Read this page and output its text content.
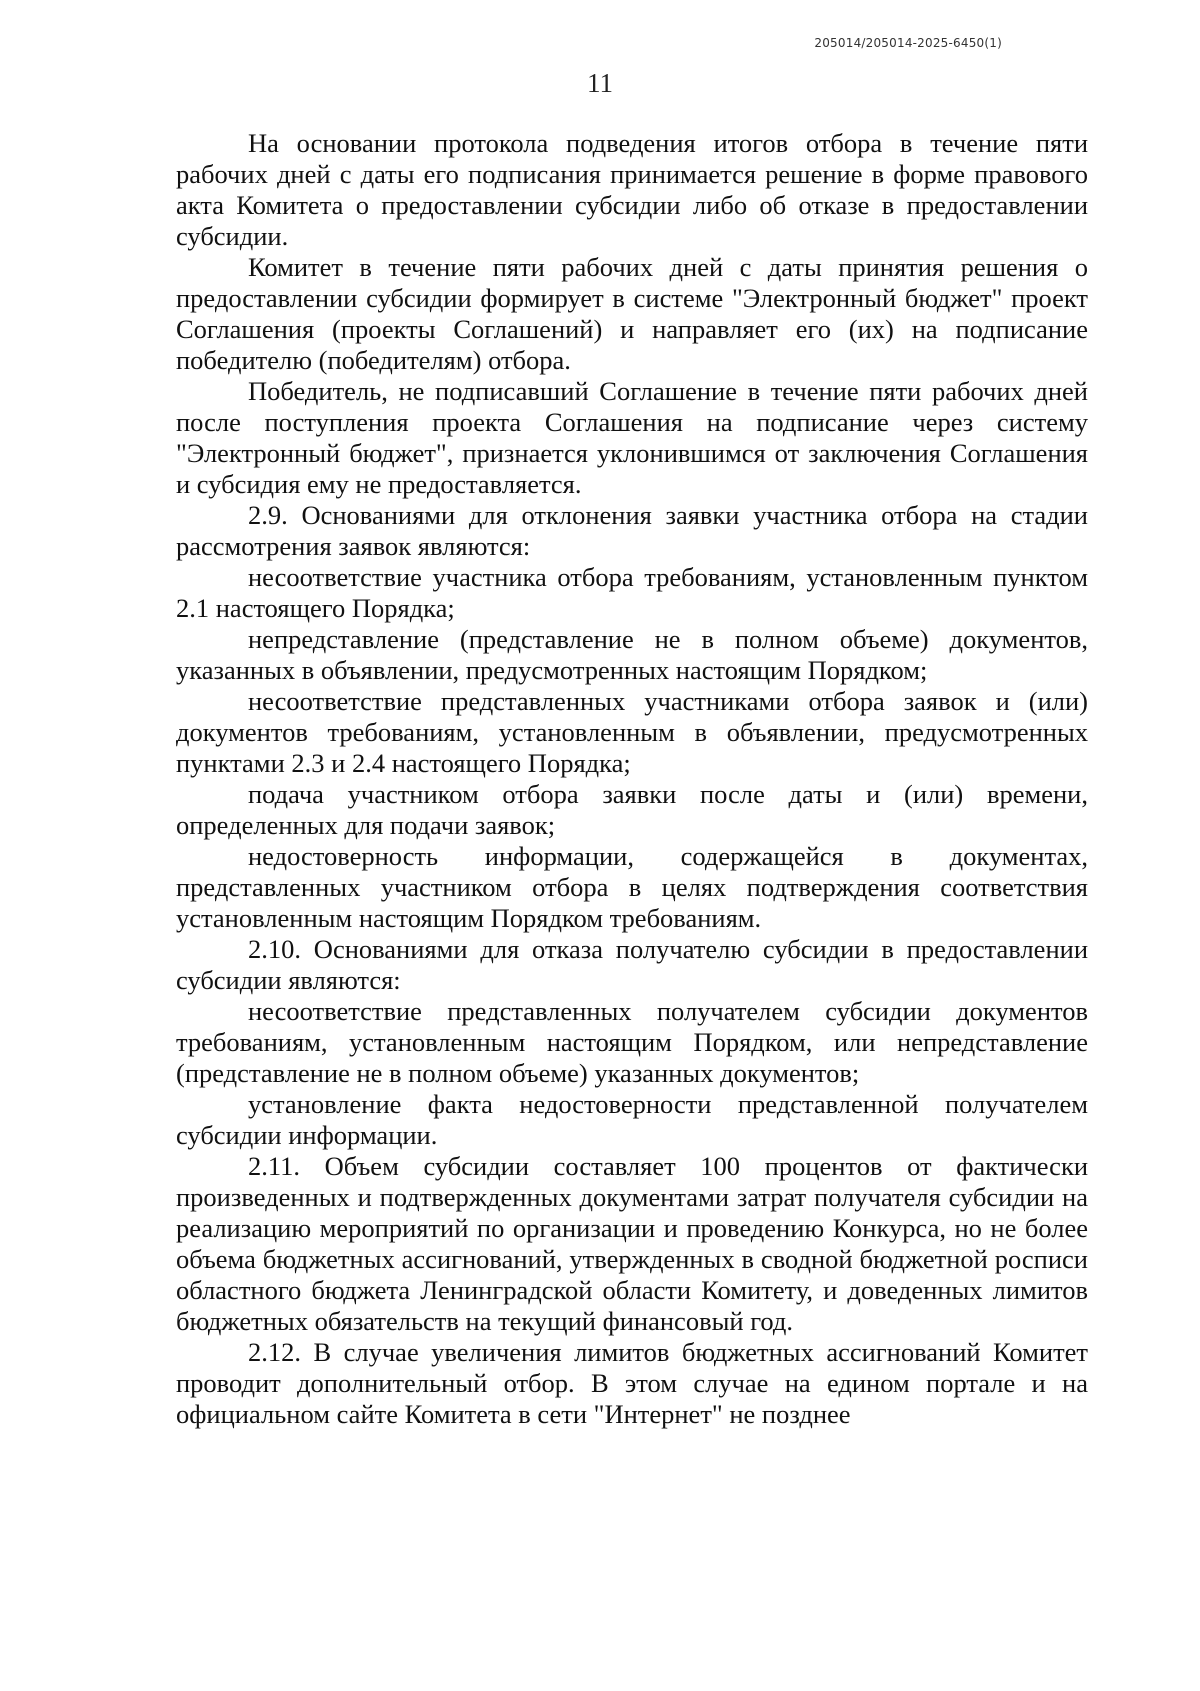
205014/205014-2025-6450(1)
11

На основании протокола подведения итогов отбора в течение пяти рабочих дней с даты его подписания принимается решение в форме правового акта Комитета о предоставлении субсидии либо об отказе в предоставлении субсидии.

Комитет в течение пяти рабочих дней с даты принятия решения о предоставлении субсидии формирует в системе "Электронный бюджет" проект Соглашения (проекты Соглашений) и направляет его (их) на подписание победителю (победителям) отбора.

Победитель, не подписавший Соглашение в течение пяти рабочих дней после поступления проекта Соглашения на подписание через систему "Электронный бюджет", признается уклонившимся от заключения Соглашения и субсидия ему не предоставляется.

2.9. Основаниями для отклонения заявки участника отбора на стадии рассмотрения заявок являются:

несоответствие участника отбора требованиям, установленным пунктом 2.1 настоящего Порядка;

непредставление (представление не в полном объеме) документов, указанных в объявлении, предусмотренных настоящим Порядком;

несоответствие представленных участниками отбора заявок и (или) документов требованиям, установленным в объявлении, предусмотренных пунктами 2.3 и 2.4 настоящего Порядка;

подача участником отбора заявки после даты и (или) времени, определенных для подачи заявок;

недостоверность информации, содержащейся в документах, представленных участником отбора в целях подтверждения соответствия установленным настоящим Порядком требованиям.

2.10. Основаниями для отказа получателю субсидии в предоставлении субсидии являются:

несоответствие представленных получателем субсидии документов требованиям, установленным настоящим Порядком, или непредставление (представление не в полном объеме) указанных документов;

установление факта недостоверности представленной получателем субсидии информации.

2.11. Объем субсидии составляет 100 процентов от фактически произведенных и подтвержденных документами затрат получателя субсидии на реализацию мероприятий по организации и проведению Конкурса, но не более объема бюджетных ассигнований, утвержденных в сводной бюджетной росписи областного бюджета Ленинградской области Комитету, и доведенных лимитов бюджетных обязательств на текущий финансовый год.

2.12. В случае увеличения лимитов бюджетных ассигнований Комитет проводит дополнительный отбор. В этом случае на едином портале и на официальном сайте Комитета в сети "Интернет" не позднее
